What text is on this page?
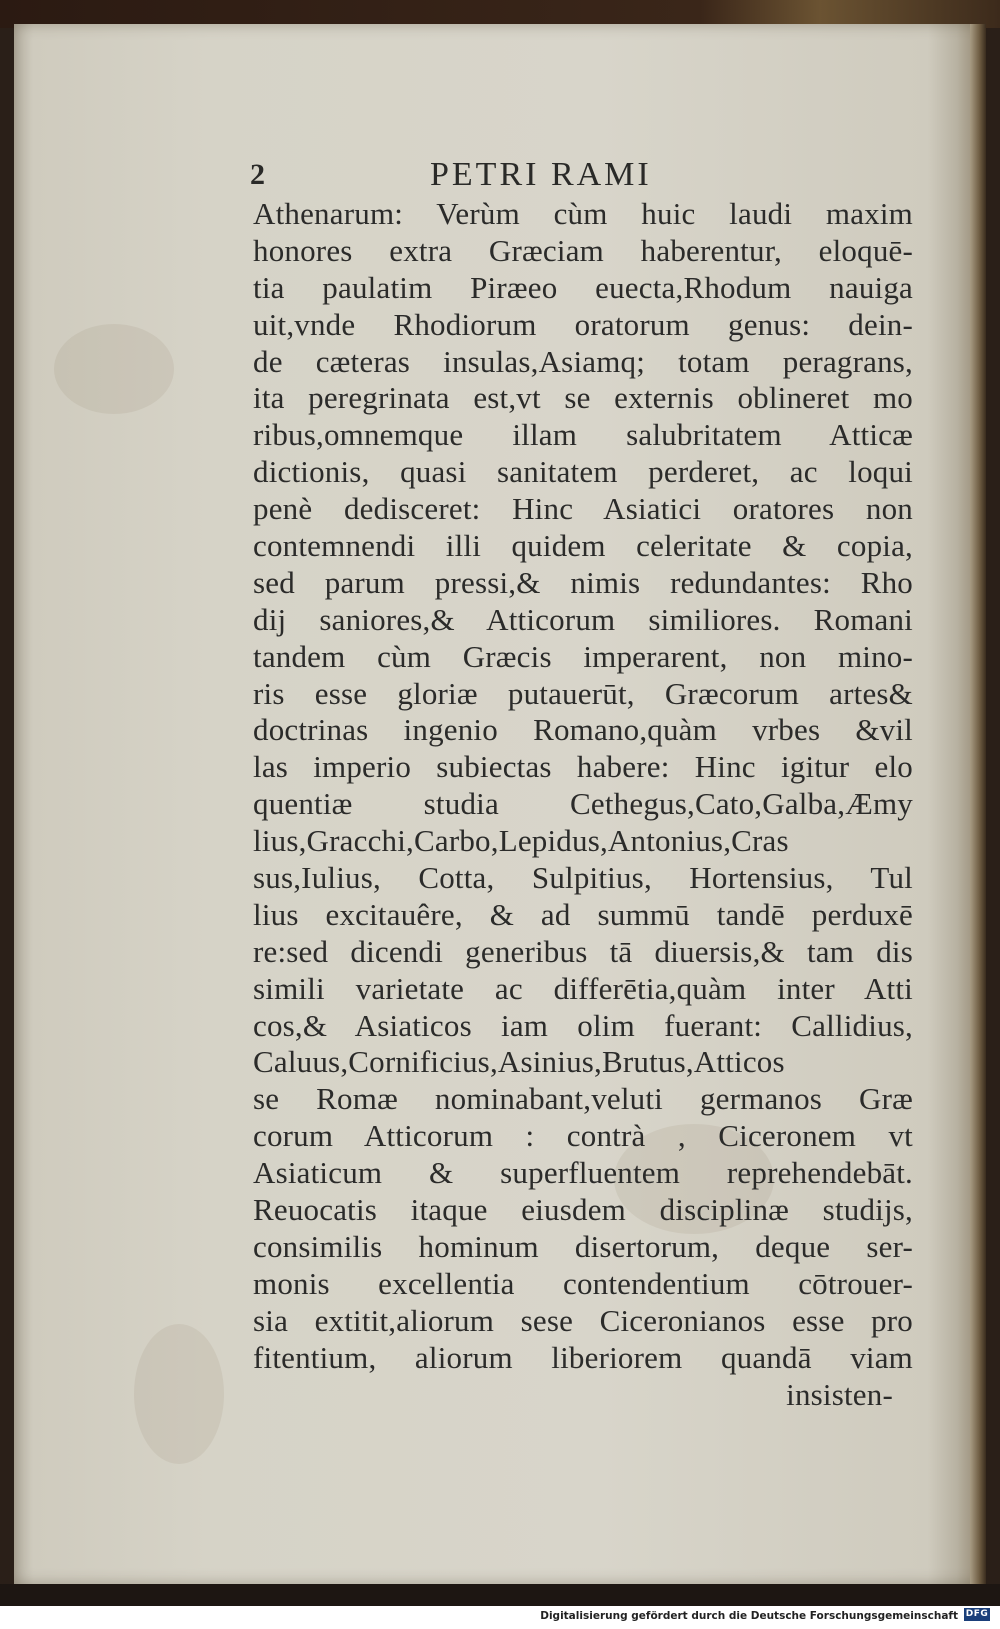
2	PETRI RAMI
Athenarum: Verùm cùm huic laudi maxim
honores extra Græciam haberentur, eloquē-
tia paulatim Piræeo euecta,Rhodum nauiga
uit,vnde Rhodiorum oratorum genus: dein-
de cæteras insulas,Asiamq; totam peragrans,
ita peregrinata est,vt se externis oblineret mo
ribus,omnemque illam salubritatem Atticæ
dictionis, quasi sanitatem perderet, ac loqui
penè dedisceret: Hinc Asiatici oratores non
contemnendi illi quidem celeritate & copia,
sed parum pressi,& nimis redundantes: Rho
dij saniores,& Atticorum similiores. Romani
tandem cùm Græcis imperarent, non mino-
ris esse gloriæ putauerūt, Græcorum artes&
doctrinas ingenio Romano,quàm vrbes &vil
las imperio subiectas habere: Hinc igitur elo
quentiæ studia Cethegus,Cato,Galba,Æmy
lius,Gracchi,Carbo,Lepidus,Antonius,Cras
sus,Iulius, Cotta, Sulpitius, Hortensius, Tul
lius excitauêre, & ad summū tandē perduxē
re:sed dicendi generibus tā diuersis,& tam dis
simili varietate ac differētia,quàm inter Atti
cos,& Asiaticos iam olim fuerant: Callidius,
Caluus,Cornificius,Asinius,Brutus,Atticos
se Romæ nominabant,veluti germanos Græ
corum Atticorum : contrà , Ciceronem vt
Asiaticum & superfluentem reprehendebāt.
Reuocatis itaque eiusdem disciplinæ studijs,
consimilis hominum disertorum, deque ser-
monis excellentia contendentium cōtrouer-
sia extitit,aliorum sese Ciceronianos esse pro
fitentium, aliorum liberiorem quandā viam
insisten-
Digitalisierung gefördert durch die Deutsche Forschungsgemeinschaft DFG
